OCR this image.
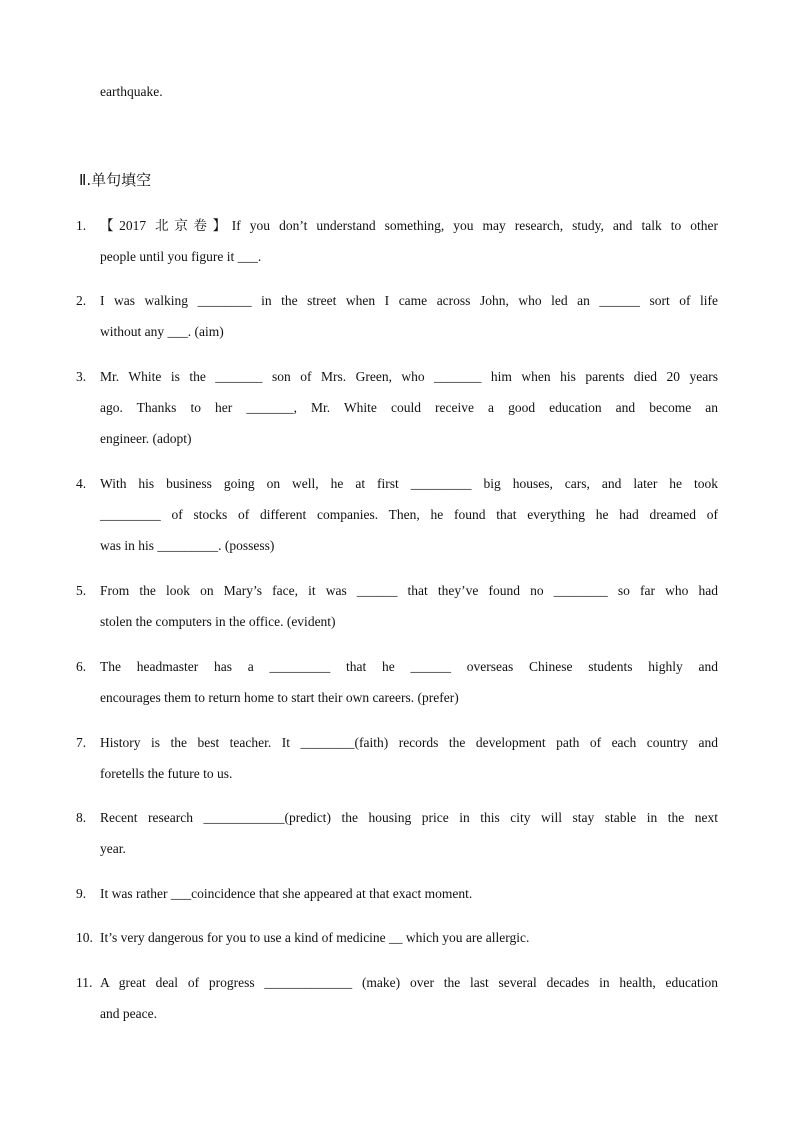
earthquake.
Ⅱ.单句填空
1. 【2017 北京卷】If you don’t understand something, you may research, study, and talk to other
people until you figure it ___.
2. I was walking ________ in the street when I came across John, who led an ______ sort of life
without any ___. (aim)
3. Mr. White is the _______ son of Mrs. Green, who _______ him when his parents died 20 years
ago. Thanks to her _______, Mr. White could receive a good education and become an
engineer. (adopt)
4. With his business going on well, he at first _________ big houses, cars, and later he took
_________ of stocks of different companies. Then, he found that everything he had dreamed of
was in his _________. (possess)
5. From the look on Mary’s face, it was ______ that they’ve found no ________ so far who had
stolen the computers in the office. (evident)
6. The headmaster has a _________ that he ______ overseas Chinese students highly and
encourages them to return home to start their own careers. (prefer)
7. History is the best teacher. It ________(faith) records the development path of each country and
foretells the future to us.
8. Recent research ____________(predict) the housing price in this city will stay stable in the next
year.
9. It was rather ___coincidence that she appeared at that exact moment.
10. It’s very dangerous for you to use a kind of medicine __ which you are allergic.
11. A great deal of progress _____________ (make) over the last several decades in health, education
and peace.
